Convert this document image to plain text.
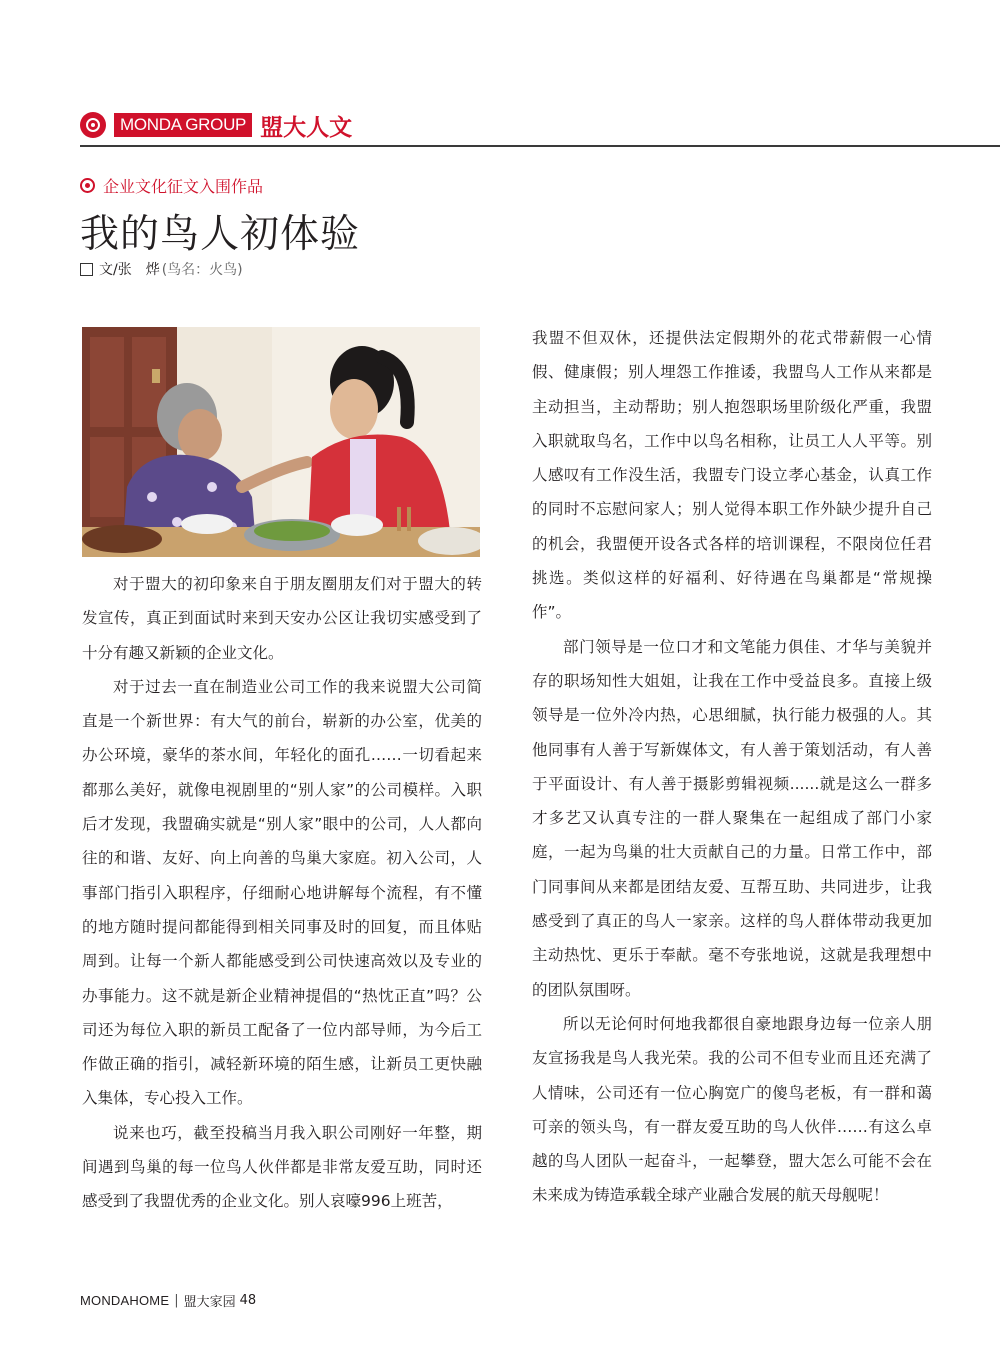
MONDA GROUP 盟大人文
企业文化征文入围作品
我的鸟人初体验
文/张　烨 (鸟名：火鸟)

对于盟大的初印象来自于朋友圈朋友们对于盟大的转发宣传，真正到面试时来到天安办公区让我切实感受到了十分有趣又新颖的企业文化。

对于过去一直在制造业公司工作的我来说盟大公司简直是一个新世界：有大气的前台，崭新的办公室，优美的办公环境，豪华的茶水间，年轻化的面孔……一切看起来都那么美好，就像电视剧里的“别人家”的公司模样。入职后才发现，我盟确实就是“别人家”眼中的公司，人人都向往的和谐、友好、向上向善的鸟巢大家庭。初入公司，人事部门指引入职程序，仔细耐心地讲解每个流程，有不懂的地方随时提问都能得到相关同事及时的回复，而且体贴周到。让每一个新人都能感受到公司快速高效以及专业的办事能力。这不就是新企业精神提倡的“热忱正直”吗？公司还为每位入职的新员工配备了一位内部导师，为今后工作做正确的指引，减轻新环境的陌生感，让新员工更快融入集体，专心投入工作。

说来也巧，截至投稿当月我入职公司刚好一年整，期间遇到鸟巢的每一位鸟人伙伴都是非常友爱互助，同时还感受到了我盟优秀的企业文化。别人哀嚎996上班苦，

我盟不但双休，还提供法定假期外的花式带薪假一心情假、健康假；别人埋怨工作推诿，我盟鸟人工作从来都是主动担当，主动帮助；别人抱怨职场里阶级化严重，我盟入职就取鸟名，工作中以鸟名相称，让员工人人平等。别人感叹有工作没生活，我盟专门设立孝心基金，认真工作的同时不忘慰问家人；别人觉得本职工作外缺少提升自己的机会，我盟便开设各式各样的培训课程，不限岗位任君挑选。类似这样的好福利、好待遇在鸟巢都是“常规操作”。

部门领导是一位口才和文笔能力俱佳、才华与美貌并存的职场知性大姐姐，让我在工作中受益良多。直接上级领导是一位外冷内热，心思细腻，执行能力极强的人。其他同事有人善于写新媒体文，有人善于策划活动，有人善于平面设计、有人善于摄影剪辑视频......就是这么一群多才多艺又认真专注的一群人聚集在一起组成了部门小家庭，一起为鸟巢的壮大贡献自己的力量。日常工作中，部门同事间从来都是团结友爱、互帮互助、共同进步，让我感受到了真正的鸟人一家亲。这样的鸟人群体带动我更加主动热忱、更乐于奉献。毫不夸张地说，这就是我理想中的团队氛围呀。

所以无论何时何地我都很自豪地跟身边每一位亲人朋友宣扬我是鸟人我光荣。我的公司不但专业而且还充满了人情味，公司还有一位心胸宽广的傻鸟老板，有一群和蔼可亲的领头鸟，有一群友爱互助的鸟人伙伴……有这么卓越的鸟人团队一起奋斗，一起攀登，盟大怎么可能不会在未来成为铸造承载全球产业融合发展的航天母舰呢！

MONDAHOME | 盟大家园 48
